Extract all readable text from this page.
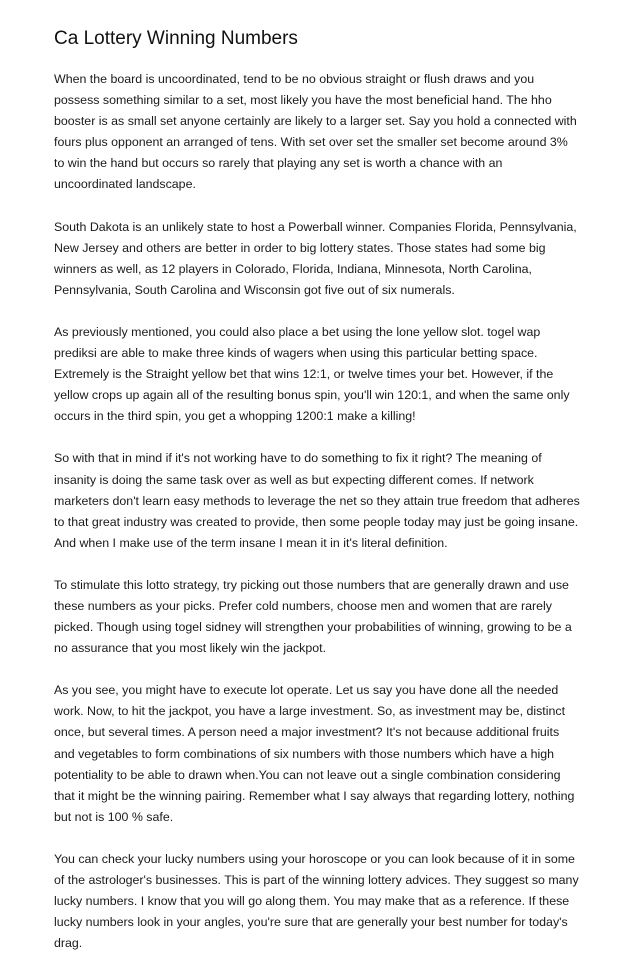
Ca Lottery Winning Numbers

When the board is uncoordinated, tend to be no obvious straight or flush draws and you possess something similar to a set, most likely you have the most beneficial hand. The hho booster is as small set anyone certainly are likely to a larger set. Say you hold a connected with fours plus opponent an arranged of tens. With set over set the smaller set become around 3% to win the hand but occurs so rarely that playing any set is worth a chance with an uncoordinated landscape.

South Dakota is an unlikely state to host a Powerball winner. Companies Florida, Pennsylvania, New Jersey and others are better in order to big lottery states. Those states had some big winners as well, as 12 players in Colorado, Florida, Indiana, Minnesota, North Carolina, Pennsylvania, South Carolina and Wisconsin got five out of six numerals.

As previously mentioned, you could also place a bet using the lone yellow slot. togel wap prediksi are able to make three kinds of wagers when using this particular betting space. Extremely is the Straight yellow bet that wins 12:1, or twelve times your bet. However, if the yellow crops up again all of the resulting bonus spin, you'll win 120:1, and when the same only occurs in the third spin, you get a whopping 1200:1 make a killing!

So with that in mind if it's not working have to do something to fix it right? The meaning of insanity is doing the same task over as well as but expecting different comes. If network marketers don't learn easy methods to leverage the net so they attain true freedom that adheres to that great industry was created to provide, then some people today may just be going insane. And when I make use of the term insane I mean it in it's literal definition.

To stimulate this lotto strategy, try picking out those numbers that are generally drawn and use these numbers as your picks. Prefer cold numbers, choose men and women that are rarely picked. Though using togel sidney will strengthen your probabilities of winning, growing to be a no assurance that you most likely win the jackpot.

As you see, you might have to execute lot operate. Let us say you have done all the needed work. Now, to hit the jackpot, you have a large investment. So, as investment may be, distinct once, but several times. A person need a major investment? It's not because additional fruits and vegetables to form combinations of six numbers with those numbers which have a high potentiality to be able to drawn when.You can not leave out a single combination considering that it might be the winning pairing. Remember what I say always that regarding lottery, nothing but not is 100 % safe.

You can check your lucky numbers using your horoscope or you can look because of it in some of the astrologer's businesses. This is part of the winning lottery advices. They suggest so many lucky numbers. I know that you will go along them. You may make that as a reference. If these lucky numbers look in your angles, you're sure that are generally your best number for today's drag.
